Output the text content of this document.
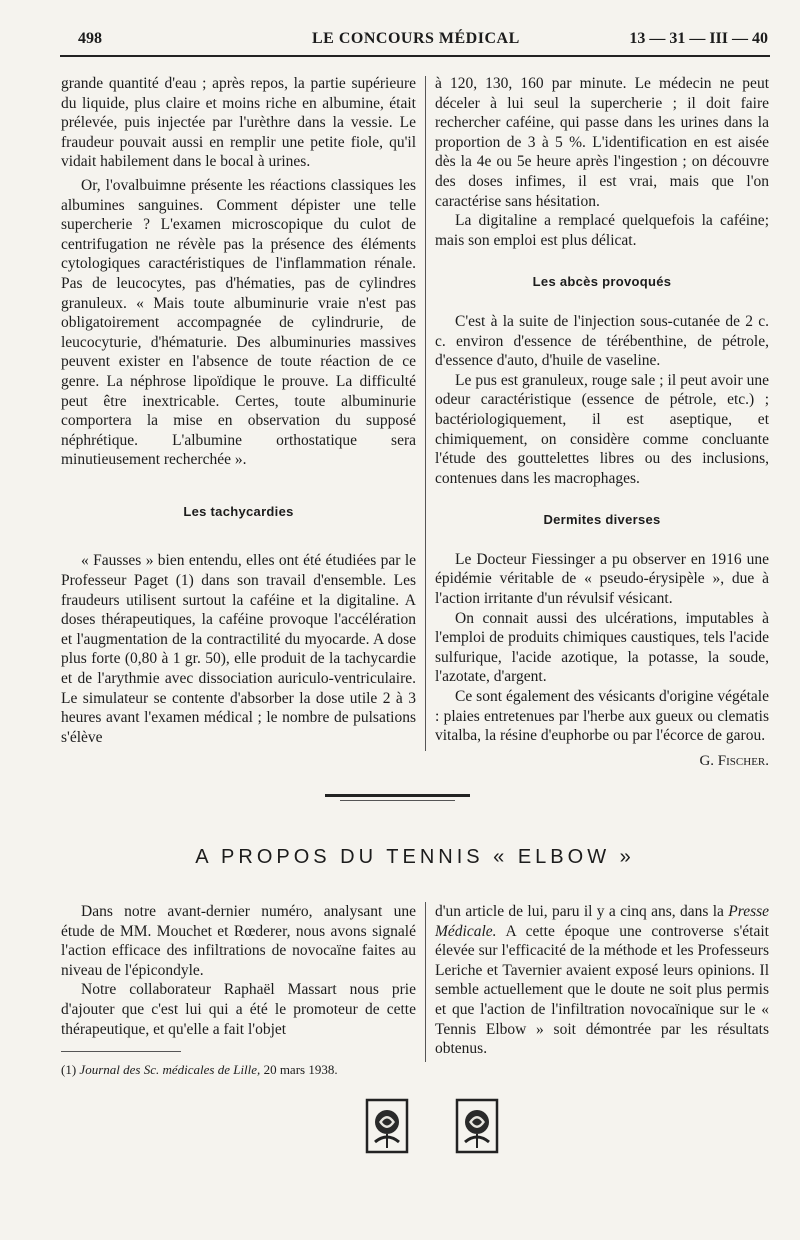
498	LE CONCOURS MÉDICAL	13 — 31 — III — 40

grande quantité d'eau ; après repos, la partie supérieure du liquide, plus claire et moins riche en albumine, était prélevée, puis injectée par l'urèthre dans la vessie. Le fraudeur pouvait aussi en remplir une petite fiole, qu'il vidait habilement dans le bocal à urines.

Or, l'ovalbuimne présente les réactions classiques les albumines sanguines. Comment dépister une telle supercherie ? L'examen microscopique du culot de centrifugation ne révèle pas la présence des éléments cytologiques caractéristiques de l'inflammation rénale. Pas de leucocytes, pas d'hématies, pas de cylindres granuleux. « Mais toute albuminurie vraie n'est pas obligatoirement accompagnée de cylindrurie, de leucocyturie, d'hématurie. Des albuminuries massives peuvent exister en l'absence de toute réaction de ce genre. La néphrose lipoïdique le prouve. La difficulté peut être inextricable. Certes, toute albuminurie comportera la mise en observation du supposé néphrétique. L'albumine orthostatique sera minutieusement recherchée ».

Les tachycardies

« Fausses » bien entendu, elles ont été étudiées par le Professeur Paget (1) dans son travail d'ensemble. Les fraudeurs utilisent surtout la caféine et la digitaline. A doses thérapeutiques, la caféine provoque l'accélération et l'augmentation de la contractilité du myocarde. A dose plus forte (0,80 à 1 gr. 50), elle produit de la tachycardie et de l'arythmie avec dissociation auriculo-ventriculaire. Le simulateur se contente d'absorber la dose utile 2 à 3 heures avant l'examen médical ; le nombre de pulsations s'élève

à 120, 130, 160 par minute. Le médecin ne peut déceler à lui seul la supercherie ; il doit faire rechercher caféine, qui passe dans les urines dans la proportion de 3 à 5 %. L'identification en est aisée dès la 4e ou 5e heure après l'ingestion ; on découvre des doses infimes, il est vrai, mais que l'on caractérise sans hésitation.

La digitaline a remplacé quelquefois la caféine; mais son emploi est plus délicat.

Les abcès provoqués

C'est à la suite de l'injection sous-cutanée de 2 c. c. environ d'essence de térébenthine, de pétrole, d'essence d'auto, d'huile de vaseline.

Le pus est granuleux, rouge sale ; il peut avoir une odeur caractéristique (essence de pétrole, etc.) ; bactériologiquement, il est aseptique, et chimiquement, on considère comme concluante l'étude des gouttelettes libres ou des inclusions, contenues dans les macrophages.

Dermites diverses

Le Docteur Fiessinger a pu observer en 1916 une épidémie véritable de « pseudo-érysipèle », due à l'action irritante d'un révulsif vésicant.

On connait aussi des ulcérations, imputables à l'emploi de produits chimiques caustiques, tels l'acide sulfurique, l'acide azotique, la potasse, la soude, l'azotate, d'argent.

Ce sont également des vésicants d'origine végétale : plaies entretenues par l'herbe aux gueux ou clematis vitalba, la résine d'euphorbe ou par l'écorce de garou.

G. Fischer.
A PROPOS DU TENNIS « ELBOW »

Dans notre avant-dernier numéro, analysant une étude de MM. Mouchet et Rœderer, nous avons signalé l'action efficace des infiltrations de novocaïne faites au niveau de l'épicondyle.

Notre collaborateur Raphaël Massart nous prie d'ajouter que c'est lui qui a été le promoteur de cette thérapeutique, et qu'elle a fait l'objet

(1) Journal des Sc. médicales de Lille, 20 mars 1938.

d'un article de lui, paru il y a cinq ans, dans la Presse Médicale. A cette époque une controverse s'était élevée sur l'efficacité de la méthode et les Professeurs Leriche et Tavernier avaient exposé leurs opinions. Il semble actuellement que le doute ne soit plus permis et que l'action de l'infiltration novocaïnique sur le « Tennis Elbow » soit démontrée par les résultats obtenus.
